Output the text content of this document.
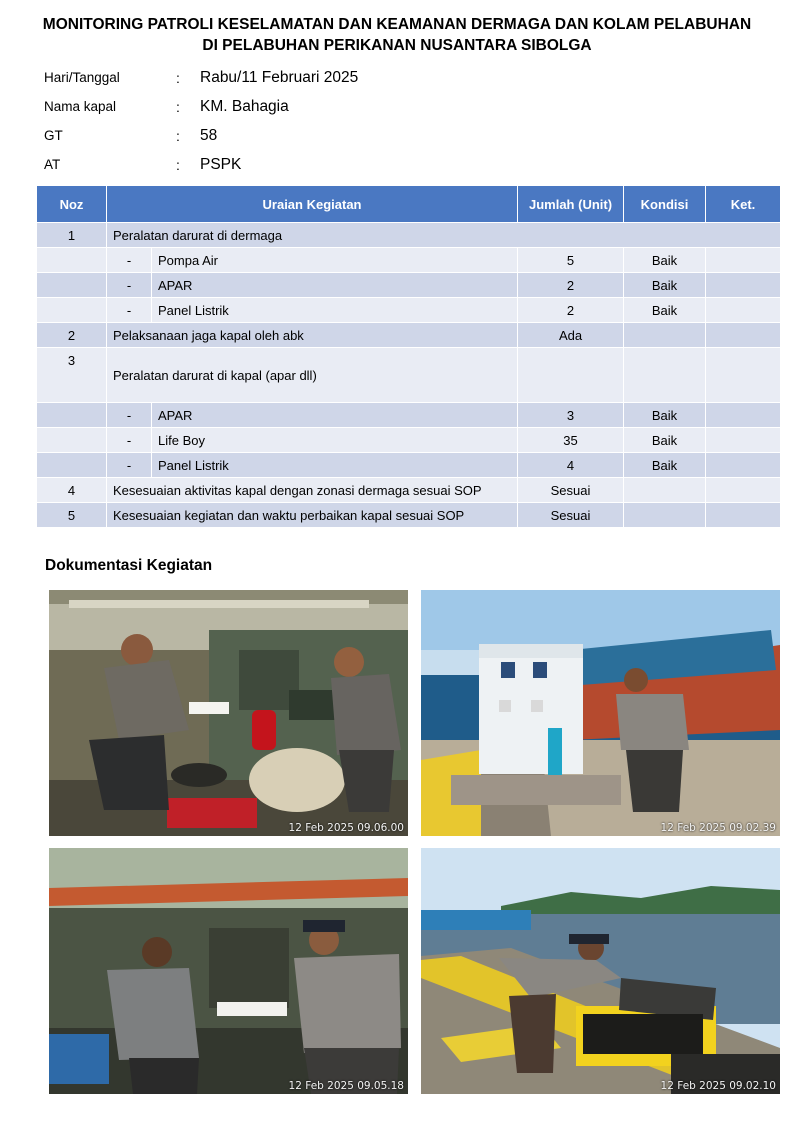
MONITORING PATROLI KESELAMATAN DAN KEAMANAN DERMAGA DAN KOLAM PELABUHAN
DI PELABUHAN PERIKANAN NUSANTARA SIBOLGA
Hari/Tanggal	: Rabu/11 Februari 2025
Nama kapal	: KM. Bahagia
GT	: 58
AT	: PSPK
Noz	Uraian Kegiatan		Jumlah (Unit)	Kondisi	Ket.
1	Peralatan darurat di dermaga				
	-	Pompa Air	5	Baik	
	-	APAR	2	Baik	
	-	Panel Listrik	2	Baik	
2	Pelaksanaan jaga kapal oleh abk		Ada		
3	Peralatan darurat di kapal (apar dll)				
	-	APAR	3	Baik	
	-	Life Boy	35	Baik	
	-	Panel Listrik	4	Baik	
4	Kesesuaian aktivitas kapal dengan zonasi dermaga sesuai SOP		Sesuai		
5	Kesesuaian kegiatan dan waktu perbaikan kapal sesuai SOP		Sesuai		
Dokumentasi Kegiatan
12 Feb 2025 09.06.00	12 Feb 2025 09.02.39
12 Feb 2025 09.05.18	12 Feb 2025 09.02.10
